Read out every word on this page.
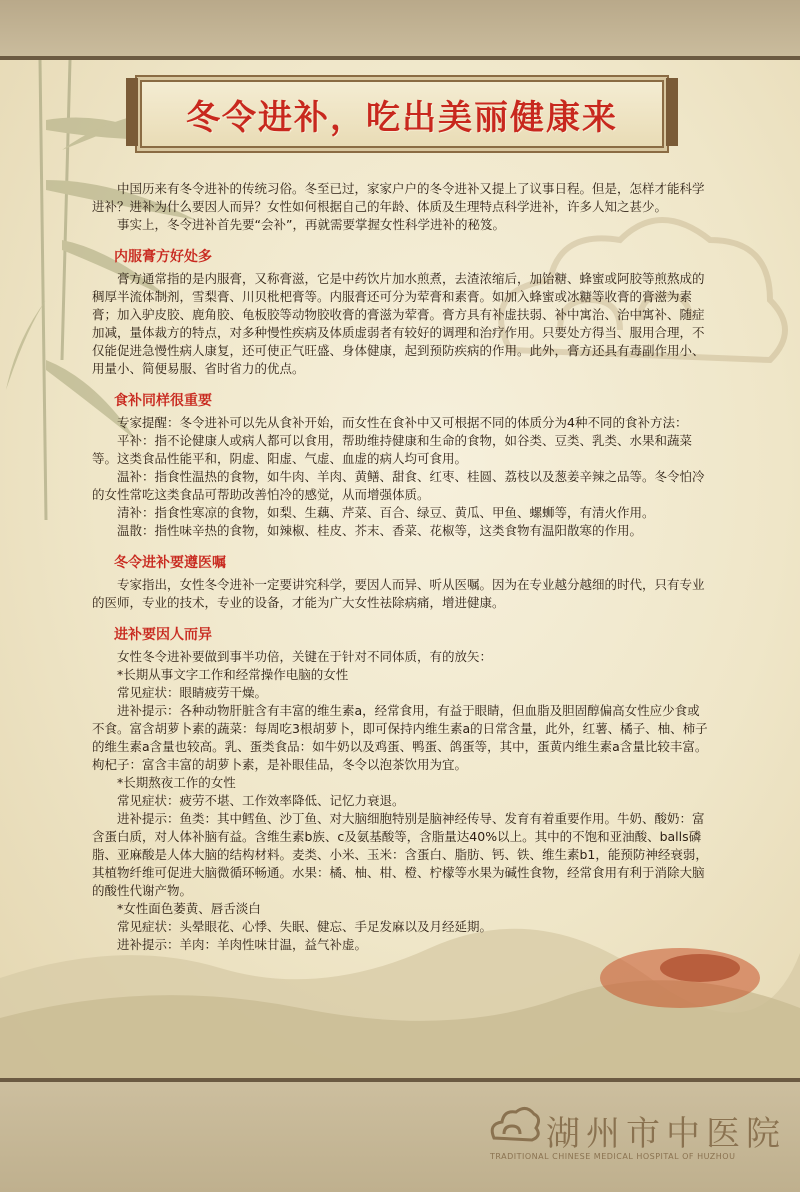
冬令进补，吃出美丽健康来

中国历来有冬令进补的传统习俗。冬至已过，家家户户的冬令进补又提上了议事日程。但是，怎样才能科学进补？进补为什么要因人而异？女性如何根据自己的年龄、体质及生理特点科学进补，许多人知之甚少。

事实上，冬令进补首先要“会补”，再就需要掌握女性科学进补的秘笈。

内服膏方好处多

膏方通常指的是内服膏，又称膏滋，它是中药饮片加水煎煮，去渣浓缩后，加饴糖、蜂蜜或阿胶等煎熬成的稠厚半流体制剂，雪梨膏、川贝枇杷膏等。内服膏还可分为荤膏和素膏。如加入蜂蜜或冰糖等收膏的膏滋为素膏；加入驴皮胶、鹿角胶、龟板胶等动物胶收膏的膏滋为荤膏。膏方具有补虚扶弱、补中寓治、治中寓补、随症加减，量体裁方的特点，对多种慢性疾病及体质虚弱者有较好的调理和治疗作用。只要处方得当、服用合理，不仅能促进急慢性病人康复，还可使正气旺盛、身体健康，起到预防疾病的作用。此外，膏方还具有毒副作用小、用量小、简便易服、省时省力的优点。

食补同样很重要

专家提醒：冬令进补可以先从食补开始，而女性在食补中又可根据不同的体质分为4种不同的食补方法：

平补：指不论健康人或病人都可以食用，帮助维持健康和生命的食物，如谷类、豆类、乳类、水果和蔬菜等。这类食品性能平和，阴虚、阳虚、气虚、血虚的病人均可食用。

温补：指食性温热的食物，如牛肉、羊肉、黄鳝、甜食、红枣、桂圆、荔枝以及葱姜辛辣之品等。冬令怕冷的女性常吃这类食品可帮助改善怕冷的感觉，从而增强体质。

清补：指食性寒凉的食物，如梨、生藕、芹菜、百合、绿豆、黄瓜、甲鱼、螺蛳等，有清火作用。

温散：指性味辛热的食物，如辣椒、桂皮、芥末、香菜、花椒等，这类食物有温阳散寒的作用。

冬令进补要遵医嘱

专家指出，女性冬令进补一定要讲究科学，要因人而异、听从医嘱。因为在专业越分越细的时代，只有专业的医师，专业的技术，专业的设备，才能为广大女性祛除病痛，增进健康。

进补要因人而异

女性冬令进补要做到事半功倍，关键在于针对不同体质，有的放矢：

*长期从事文字工作和经常操作电脑的女性

常见症状：眼睛疲劳干燥。

进补提示：各种动物肝脏含有丰富的维生素a，经常食用，有益于眼睛，但血脂及胆固醇偏高女性应少食或不食。富含胡萝卜素的蔬菜：每周吃3根胡萝卜，即可保持内维生素a的日常含量，此外，红薯、橘子、柚、柿子的维生素a含量也较高。乳、蛋类食品：如牛奶以及鸡蛋、鸭蛋、鸽蛋等，其中，蛋黄内维生素a含量比较丰富。枸杞子：富含丰富的胡萝卜素，是补眼佳品，冬令以泡茶饮用为宜。

*长期熬夜工作的女性

常见症状：疲劳不堪、工作效率降低、记忆力衰退。

进补提示：鱼类：其中鳕鱼、沙丁鱼、对大脑细胞特别是脑神经传导、发育有着重要作用。牛奶、酸奶：富含蛋白质，对人体补脑有益。含维生素b族、c及氨基酸等，含脂量达40%以上。其中的不饱和亚油酸、balls磷脂、亚麻酸是人体大脑的结构材料。麦类、小米、玉米：含蛋白、脂肪、钙、铁、维生素b1，能预防神经衰弱，其植物纤维可促进大脑微循环畅通。水果：橘、柚、柑、橙、柠檬等水果为碱性食物，经常食用有利于消除大脑的酸性代谢产物。

*女性面色萎黄、唇舌淡白

常见症状：头晕眼花、心悸、失眠、健忘、手足发麻以及月经延期。

进补提示：羊肉：羊肉性味甘温，益气补虚。

湖州市中医院
TRADITIONAL CHINESE MEDICAL HOSPITAL OF HUZHOU
